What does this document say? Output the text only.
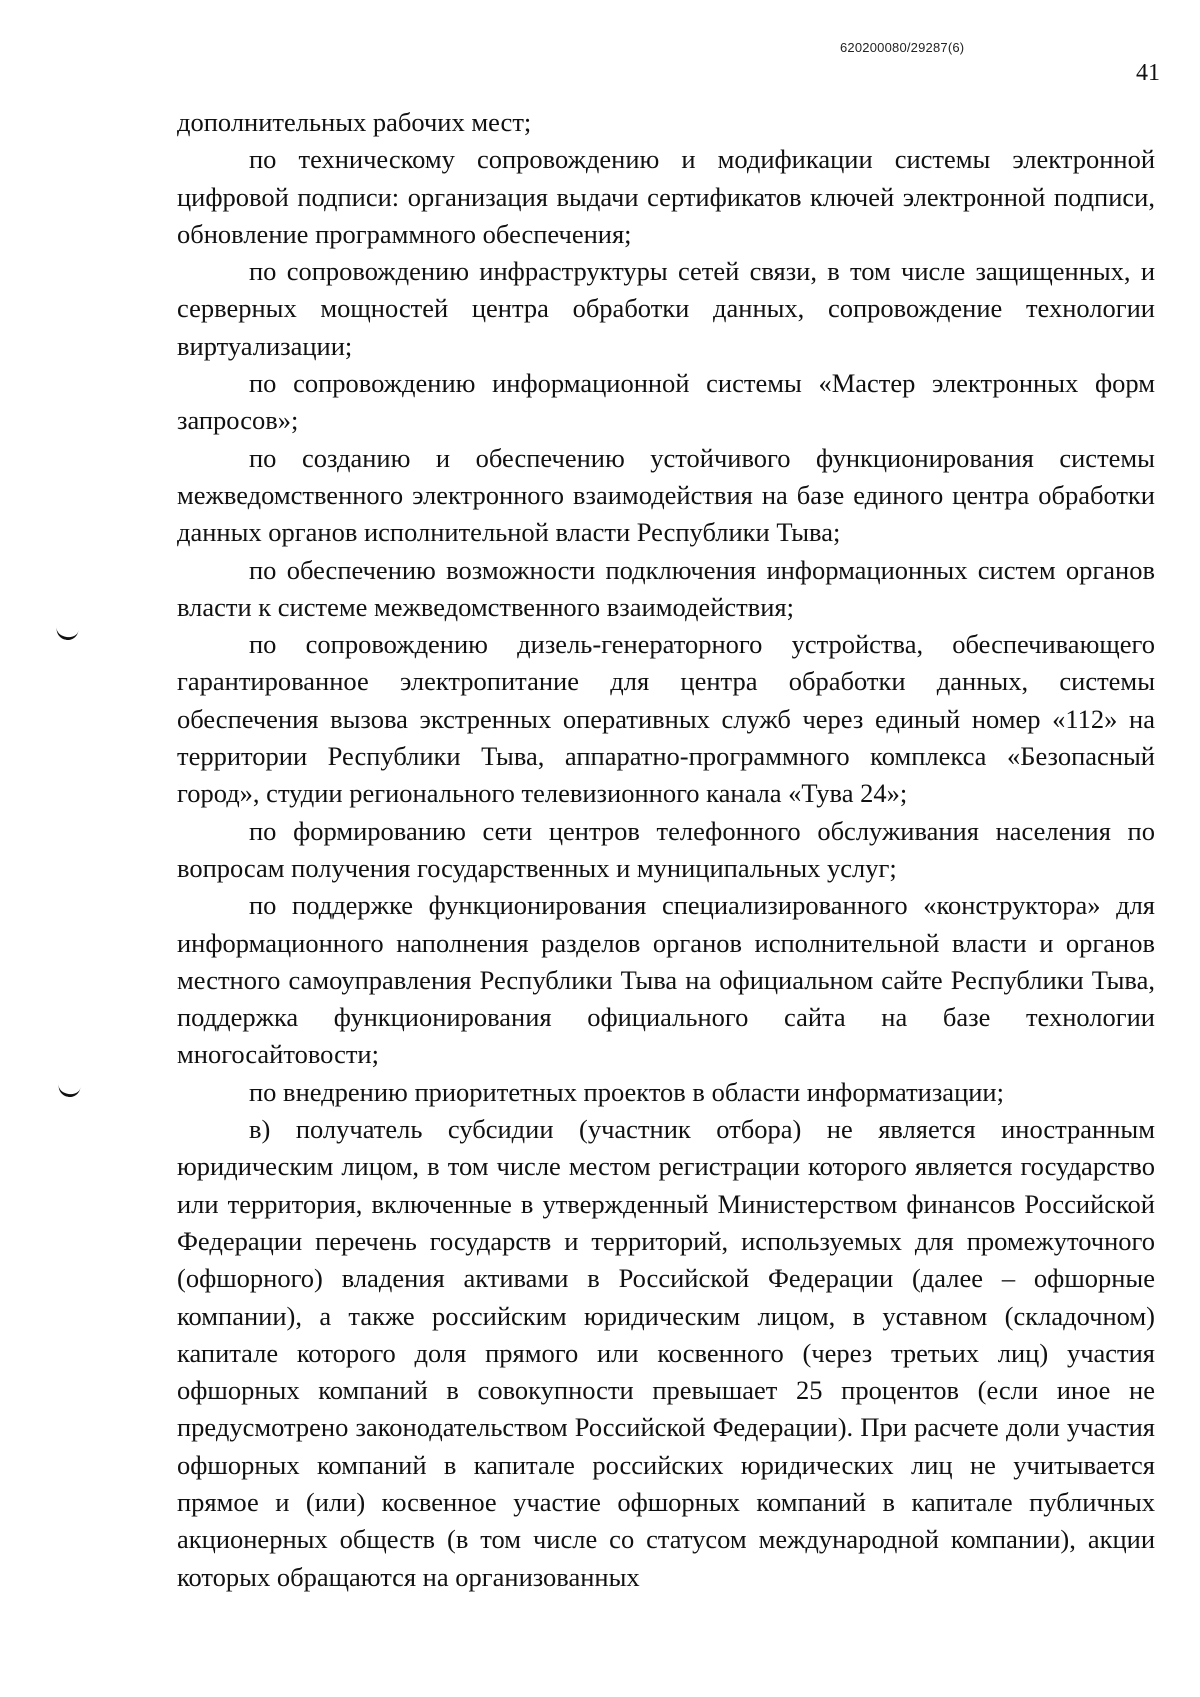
620200080/29287(6)
41

дополнительных рабочих мест;

по техническому сопровождению и модификации системы электронной цифровой подписи: организация выдачи сертификатов ключей электронной подписи, обновление программного обеспечения;

по сопровождению инфраструктуры сетей связи, в том числе защищенных, и серверных мощностей центра обработки данных, сопровождение технологии виртуализации;

по сопровождению информационной системы «Мастер электронных форм запросов»;

по созданию и обеспечению устойчивого функционирования системы межведомственного электронного взаимодействия на базе единого центра обработки данных органов исполнительной власти Республики Тыва;

по обеспечению возможности подключения информационных систем органов власти к системе межведомственного взаимодействия;

по сопровождению дизель-генераторного устройства, обеспечивающего гарантированное электропитание для центра обработки данных, системы обеспечения вызова экстренных оперативных служб через единый номер «112» на территории Республики Тыва, аппаратно-программного комплекса «Безопасный город», студии регионального телевизионного канала «Тува 24»;

по формированию сети центров телефонного обслуживания населения по вопросам получения государственных и муниципальных услуг;

по поддержке функционирования специализированного «конструктора» для информационного наполнения разделов органов исполнительной власти и органов местного самоуправления Республики Тыва на официальном сайте Республики Тыва, поддержка функционирования официального сайта на базе технологии многосайтовости;

по внедрению приоритетных проектов в области информатизации;

в) получатель субсидии (участник отбора) не является иностранным юридическим лицом, в том числе местом регистрации которого является государство или территория, включенные в утвержденный Министерством финансов Российской Федерации перечень государств и территорий, используемых для промежуточного (офшорного) владения активами в Российской Федерации (далее – офшорные компании), а также российским юридическим лицом, в уставном (складочном) капитале которого доля прямого или косвенного (через третьих лиц) участия офшорных компаний в совокупности превышает 25 процентов (если иное не предусмотрено законодательством Российской Федерации). При расчете доли участия офшорных компаний в капитале российских юридических лиц не учитывается прямое и (или) косвенное участие офшорных компаний в капитале публичных акционерных обществ (в том числе со статусом международной компании), акции которых обращаются на организованных
